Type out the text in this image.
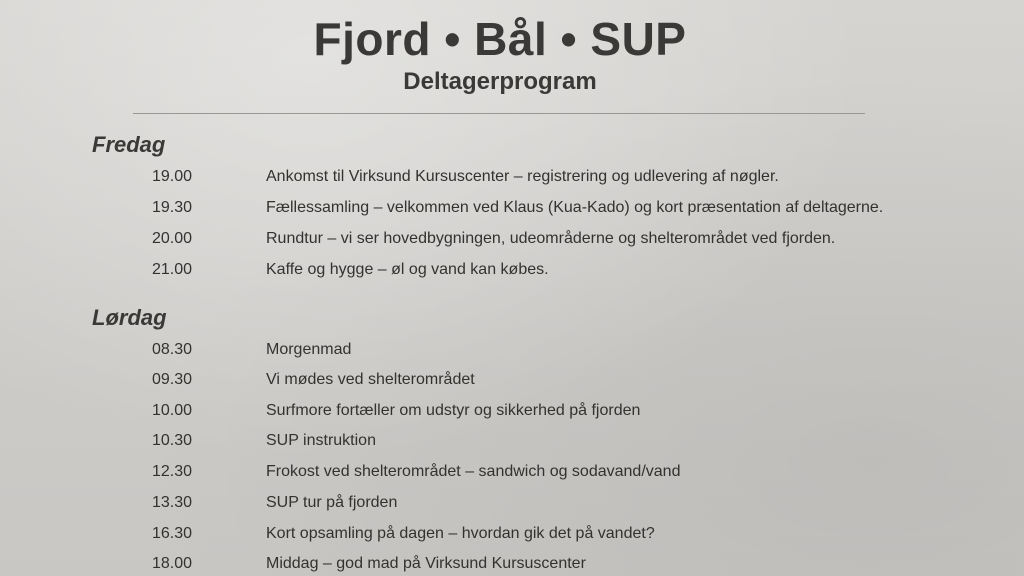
Fjord • Bål • SUP
Deltagerprogram
Fredag
19.00	Ankomst til Virksund Kursuscenter – registrering og udlevering af nøgler.
19.30	Fællessamling – velkommen ved Klaus (Kua-Kado) og kort præsentation af deltagerne.
20.00	Rundtur – vi ser hovedbygningen, udeområderne og shelterområdet ved fjorden.
21.00	Kaffe og hygge – øl og vand kan købes.
Lørdag
08.30	Morgenmad
09.30	Vi mødes ved shelterområdet
10.00	Surfmore fortæller om udstyr og sikkerhed på fjorden
10.30	SUP instruktion
12.30	Frokost ved shelterområdet – sandwich og sodavand/vand
13.30	SUP tur på fjorden
16.30	Kort opsamling på dagen – hvordan gik det på vandet?
18.00	Middag – god mad på Virksund Kursuscenter
